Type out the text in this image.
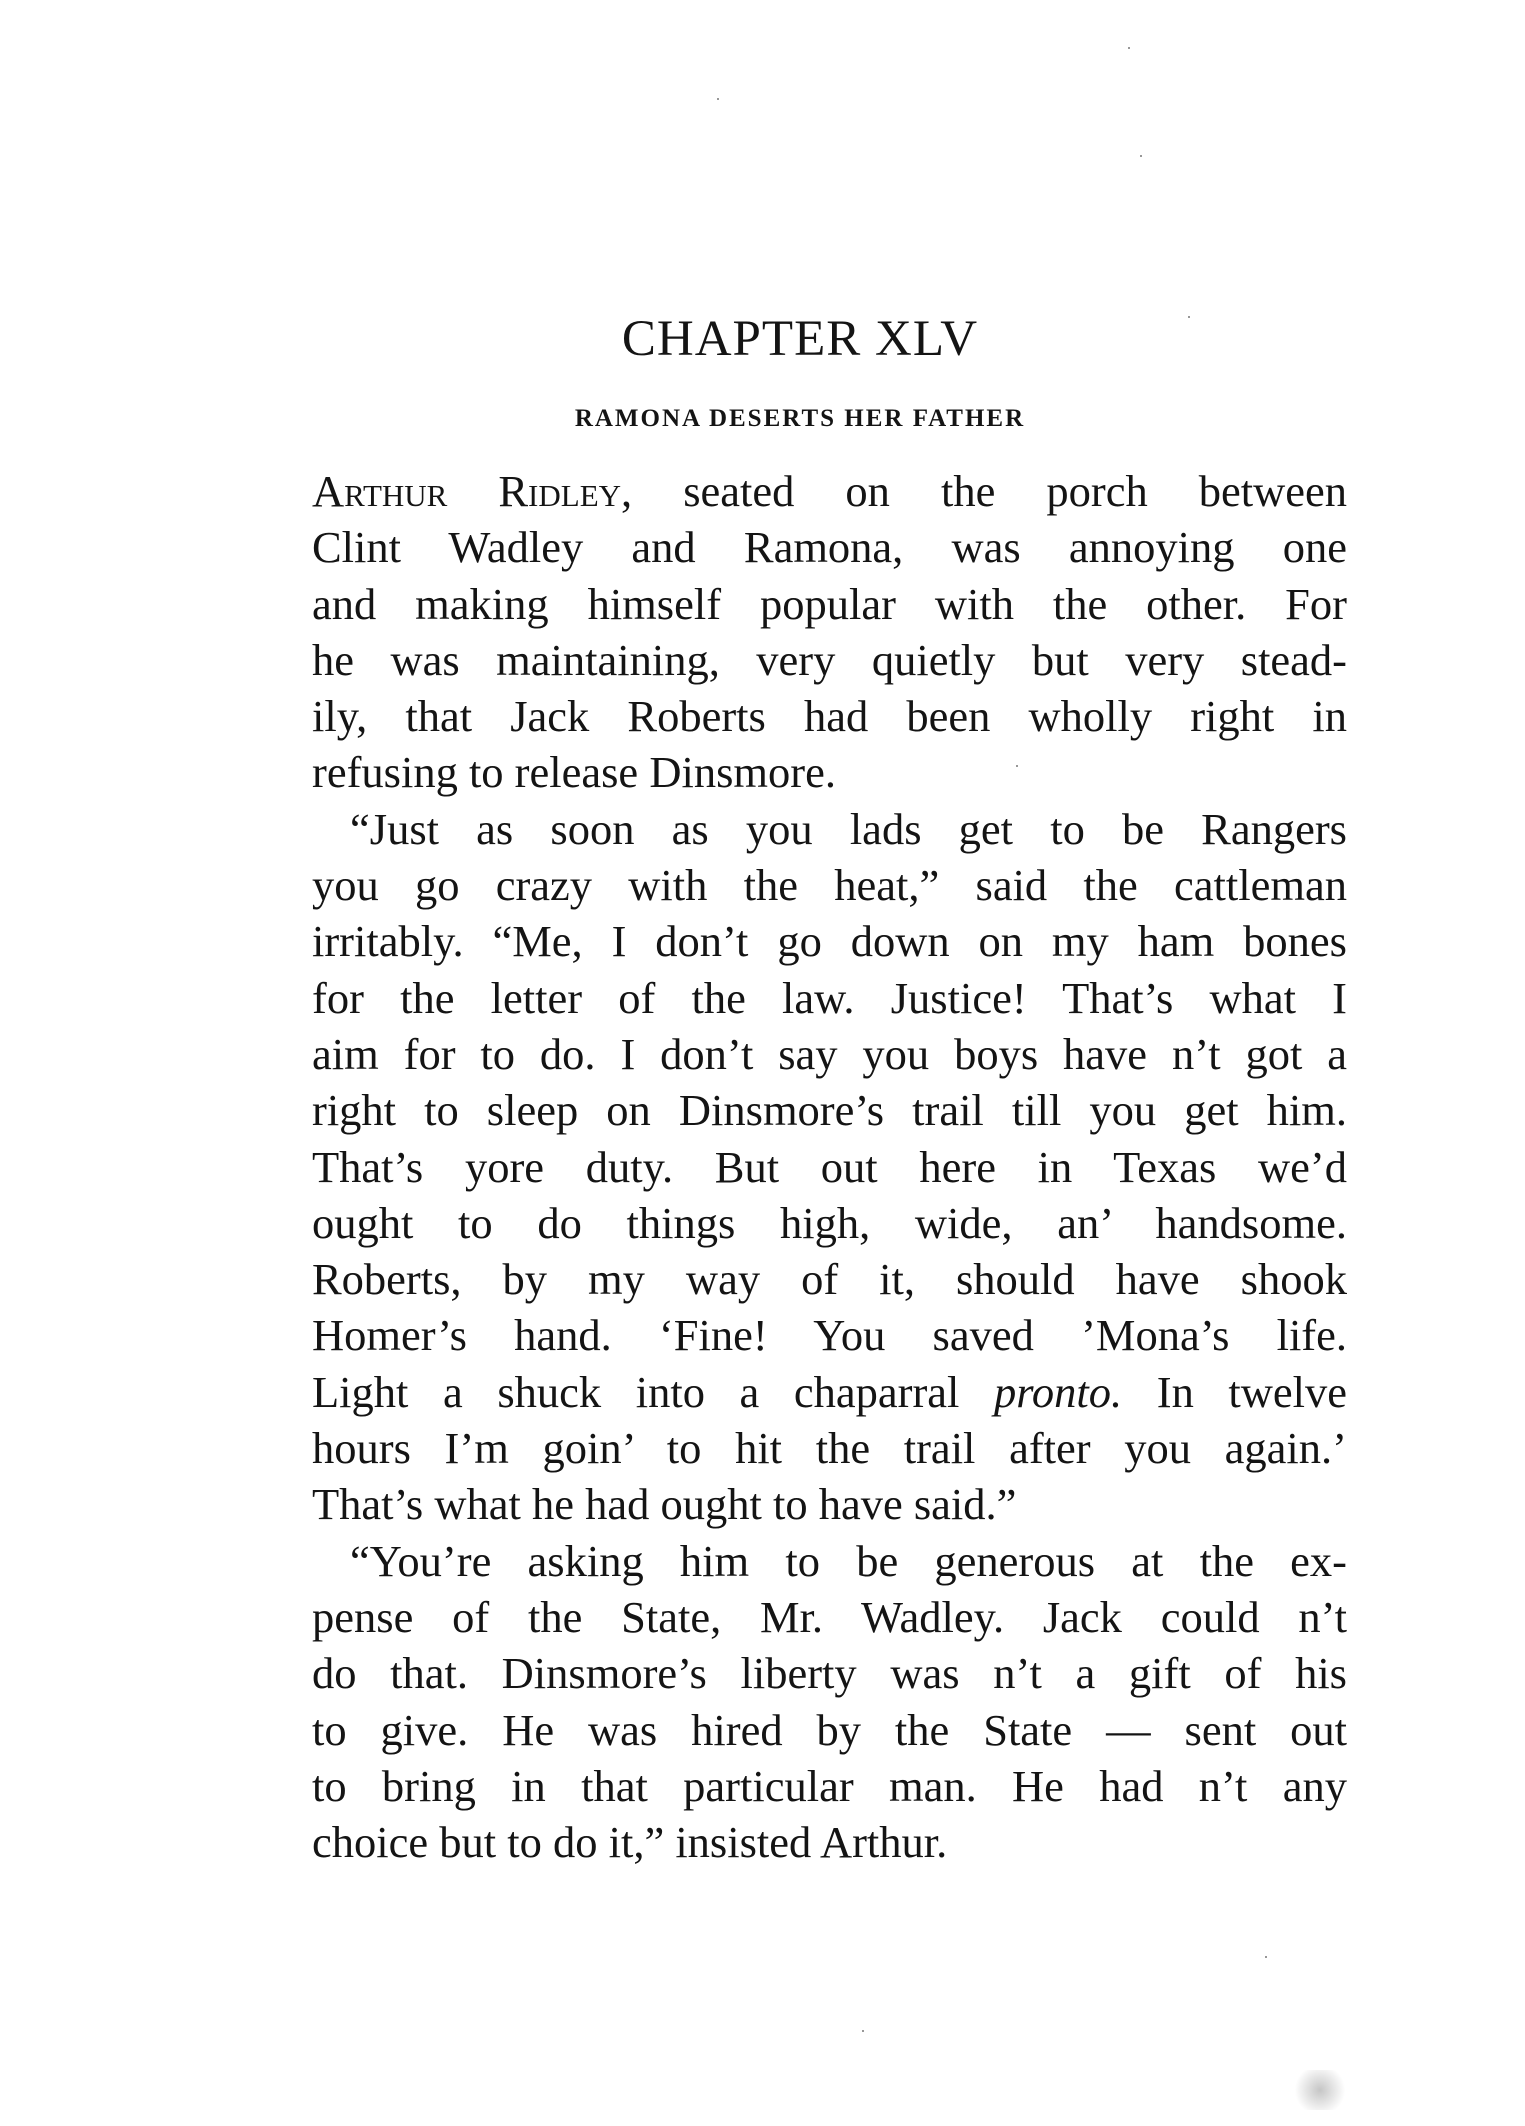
CHAPTER XLV
RAMONA DESERTS HER FATHER
Arthur Ridley, seated on the porch between
Clint Wadley and Ramona, was annoying one
and making himself popular with the other. For
he was maintaining, very quietly but very stead-
ily, that Jack Roberts had been wholly right in
refusing to release Dinsmore.
“Just as soon as you lads get to be Rangers
you go crazy with the heat,” said the cattleman
irritably. “Me, I don’t go down on my ham bones
for the letter of the law. Justice! That’s what I
aim for to do. I don’t say you boys have n’t got a
right to sleep on Dinsmore’s trail till you get him.
That’s yore duty. But out here in Texas we’d
ought to do things high, wide, an’ handsome.
Roberts, by my way of it, should have shook
Homer’s hand. ‘Fine! You saved ’Mona’s life.
Light a shuck into a chaparral pronto. In twelve
hours I’m goin’ to hit the trail after you again.’
That’s what he had ought to have said.”
“You’re asking him to be generous at the ex-
pense of the State, Mr. Wadley. Jack could n’t
do that. Dinsmore’s liberty was n’t a gift of his
to give. He was hired by the State — sent out
to bring in that particular man. He had n’t any
choice but to do it,” insisted Arthur.
